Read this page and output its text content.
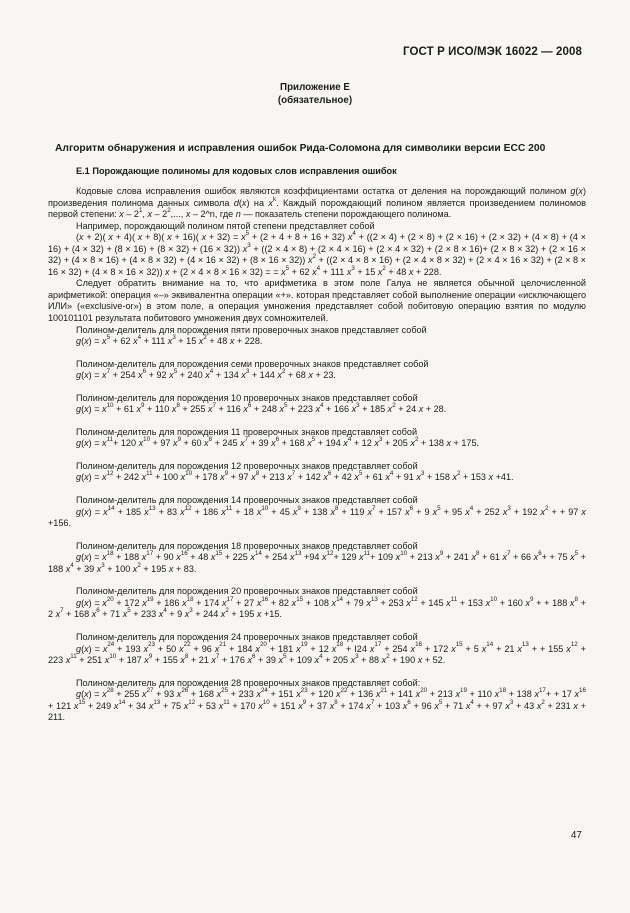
ГОСТ Р ИСО/МЭК 16022 — 2008
Приложение Е
(обязательное)
Алгоритм обнаружения и исправления ошибок Рида-Соломона для символики версии ЕСС 200
Е.1 Порождающие полиномы для кодовых слов исправления ошибок

Кодовые слова исправления ошибок являются коэффициентами остатка от деления на порождающий полином g(x) произведения полинома данных символа d(x) на $x^k$. Каждый порождающий полином является произведением полиномов первой степени: x – $2^1$, x – $2^2$,..., x – 2^n, где n — показатель степени порождающего полинома.

Например, порождающий полином пятой степени представляет собой

(x + 2)( x + 4)( x + 8)( x + 16)( x + 32) = $x^5 + (2 + 4 + 8 + 16 + 32) x^4 + ((2 \times 4) + (2 \times 8) + (2 \times 16) + (2 \times 32) + (4 \times 8) + (4 \times 16) + (4 \times 32) + (8 \times 16) + (8 \times 32) + (16 \times 32)) x^3 + ((2 \times 4 \times 8) + (2$ × 4 × 16) + (2 × 4 × 32) + (2 × 8 × 16)+ (2 × 8 × 32) + (2 × 16 × 32) + (4 × 8 × 16) + (4 × 8 × 32) + (4 × 16 × 32) + (8 × 16 × 32)) $x^2 + ((2 \times 4 \times 8 \times 16) + (2 \times 4 \times 8 \times 32) + (2 \times 4 \times 16 \times 32) + (2 \times 8 \times 16 \times 32) + (4 \times 8 \times 16 \times 32)) x + (2 \times 4 \times 8 \times 16 \times 32)$ = = $x^5 + 62$ $x^4 + 111$ $x^3 + 15$ $x^2 + 48$ x + 228.

Следует обратить внимание на то, что арифметика в этом поле Галуа не является обычной целочисленной арифметикой: операция «–» эквивалентна операции «+». которая представляет собой выполнение операции «исключающего ИЛИ» («exclusive-or») в этом поле, а операция умножения представляет собой побитовую операцию взятия по модулю 100101101 результата побитового умножения двух сомножителей.

Полином-делитель для порождения пяти проверочных знаков представляет собой

$g(x) = x^5 + 62$ $x^4 + 111$ $x^3 + 15$ $x^2 + 48$ x + 228.

Полином-делитель для порождения семи проверочных знаков представляет собой

$g(x) = x^7 + 254$ $x^6 + 92$ $x^5 + 240$ $x^4 + 134$ $x^3 + 144$ $x^2 + 68$ x + 23.

Полином-делитель для порождения 10 проверочных знаков представляет собой

$g(x) = x^{10} + 61$ $x^9 + 110$ $x^8 + 255$ $x^7 + 116$ $x^6 + 248$ $x^5 + 223$ $x^4 + 166$ $x^3 + 185$ $x^2 + 24$ x + 28.

Полином-делитель для порождения 11 проверочных знаков представляет собой

$g(x) = x^{11}+ 120$ $x^{10} + 97$ $x^9 + 60$ $x^8 + 245$ $x^7 + 39$ $x^6 + 168$ $x^5 + 194$ $x^4 + 12$ $x^3 + 205$ $x^2 + 138$ x + 175.

Полином-делитель для порождения 12 проверочных знаков представляет собой

$g(x) = x^{12} + 242$ $x^{11} + 100$ $x^{10} + 178$ $x^9 + 97$ $x^8 + 213$ $x^7 + 142$ $x^6 + 42$ $x^5 + 61$ $x^4 + 91$ $x^3 + 158$ $x^2 + 153$ x +41.

Полином-делитель для порождения 14 проверочных знаков представляет собой

$g(x) = x^{14} + 185$ $x^{13} + 83$ $x^{12} + 186$ $x^{11} + 18$ $x^{10} + 45$ $x^9 + 138$ $x^8 + 119$ $x^7 + 157$ $x^6 + 9$ $x^5 + 95$ $x^4 + 252$ $x^3 + 192$ $x^2$ + + 97 x +156.

Полином-делитель для порождения 18 проверочных знаков представляет собой

$g(x) = x^{18} + 188$ $x^{17} + 90$ $x^{16} + 48$ $x^{15} + 225$ $x^{14} + 254$ $x^{13} +94$ $x^{12}+ 129$ $x^{11}+ 109$ $x^{10} + 213$ $x^9 + 241$ $x^8 + 61$ $x^7 + 66$ $x^6+ + 75$ $x^5 + 188$ $x^4 + 39$ $x^3 + 100$ $x^2 + 195$ x + 83.

Полином-делитель для порождения 20 проверочных знаков представляет собой

$g(x) = x^{20} + 172$ $x^{19} + 186$ $x^{18} + 174$ $x^{17} + 27$ $x^{16} + 82$ $x^{15} + 108$ $x^{14} + 79$ $x^{13} + 253$ $x^{12} + 145$ $x^{11} + 153$ $x^{10} + 160$ $x^9$ + + 188 $x^8 + 2$ $x^7 + 168$ $x^6 + 71$ $x^5 + 233$ $x^4 + 9$ $x^3 + 244$ $x^2 + 195$ x +15.

Полином-делитель для порождения 24 проверочных знаков представляет собой

$g(x) = x^{24} + 193$ $x^{23} + 50$ $x^{22} + 96$ $x^{21} + 184$ $x^{20} + 181$ $x^{19} + 12$ $x^{18} + I24$ $x^{17} + 254$ $x^{16} + 172$ $x^{15} + 5$ $x^{14} + 21$ $x^{13}$ + + 155 $x^{12} + 223$ $x^{11} + 251$ $x^{10} + 187$ $x^9 + 155$ $x^8 + 21$ $x^7 + 176$ $x^6 + 39$ $x^5 + 109$ $x^4 + 205$ $x^3 + 88$ $x^2 + 190$ x + 52.

Полином-делитель для порождения 28 проверочных знаков представляет собой:

$g(x) = x^{28} + 255$ $x^{27} + 93$ $x^{26} + 168$ $x^{25} + 233$ $x^{24} + 151$ $x^{23} + 120$ $x^{22} + 136$ $x^{21} + 141$ $x^{20} + 213$ $x^{19} + 110$ $x^{18} + 138$ $x^{17}+ + 17$ $x^{16} + 121$ $x^{15} + 249$ $x^{14} + 34$ $x^{13} + 75$ $x^{12} + 53$ $x^{11} + 170$ $x^{10} + 151$ $x^9 + 37$ $x^8 + 174$ $x^7 + 103$ $x^6 + 96$ $x^5 + 71$ $x^4$ + + 97 $x^3 + 43$ $x^2 + 231$ x + 211.

47
